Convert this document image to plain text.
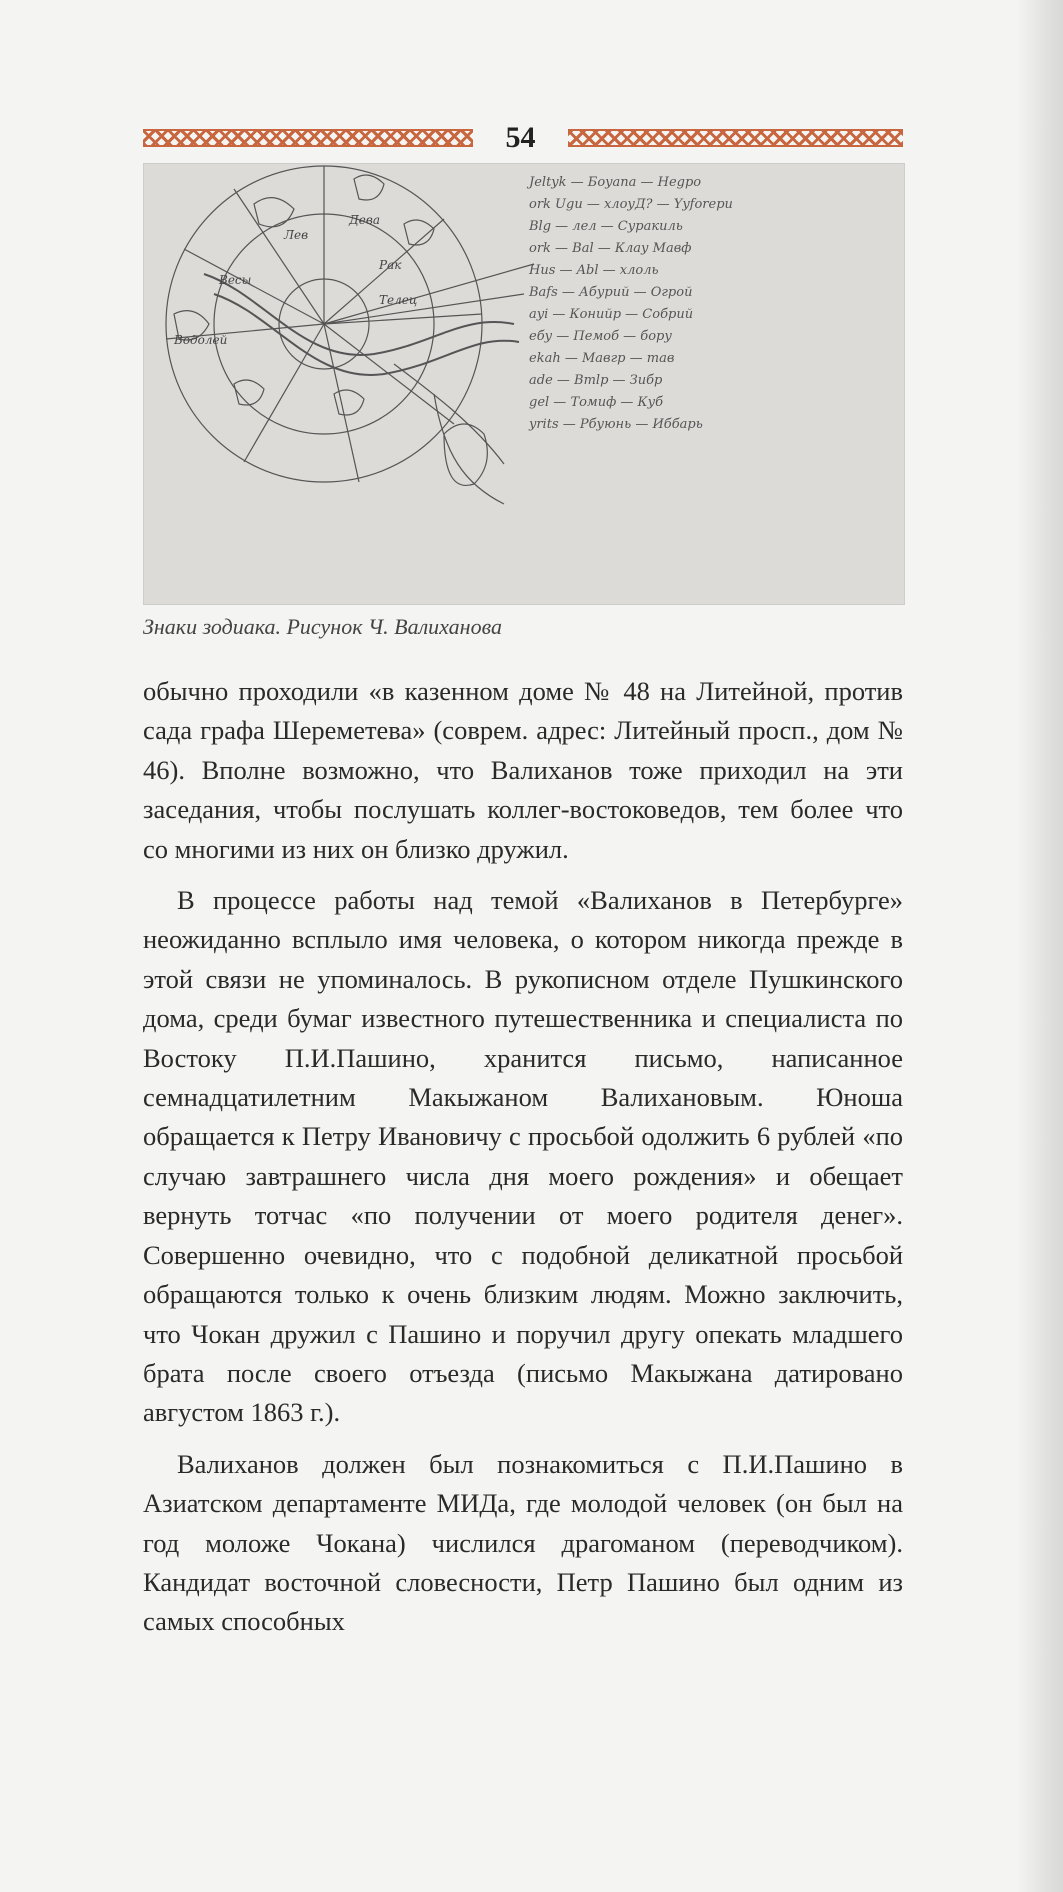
54
Дева
Рак
Телец
Водолей
Весы
Лев
Jeltyk — Боyana — Hegpo
ork Ugu — хлоуД? — Yyforepu
Blg — лел — Суракиль
ork — Bal — Клау Мавф
Hus — Abl — хлоль
Bafs — Абурий — Огрой
ayi — Конийр — Собрий
ебу — Пемоб — бору
ekah — Мавгр — тав
ade — Bmlp — Зибр
gel — Томиф — Куб
yrits — Рбуюнь — Иббарь
Знаки зодиака. Рисунок Ч. Валиханова

обычно проходили «в казенном доме № 48 на Литейной, против сада графа Шереметева» (соврем. адрес: Литейный просп., дом № 46). Вполне возможно, что Валиханов тоже приходил на эти заседания, чтобы послушать коллег-востоковедов, тем более что со многими из них он близко дружил.

В процессе работы над темой «Валиханов в Петербурге» неожиданно всплыло имя человека, о котором никогда прежде в этой связи не упоминалось. В рукописном отделе Пушкинского дома, среди бумаг известного путешественника и специалиста по Востоку П.И.Пашино, хранится письмо, написанное семнадцатилетним Макыжаном Валихановым. Юноша обращается к Петру Ивановичу с просьбой одолжить 6 рублей «по случаю завтрашнего числа дня моего рождения» и обещает вернуть тотчас «по получении от моего родителя денег». Совершенно очевидно, что с подобной деликатной просьбой обращаются только к очень близким людям. Можно заключить, что Чокан дружил с Пашино и поручил другу опекать младшего брата после своего отъезда (письмо Макыжана датировано августом 1863 г.).

Валиханов должен был познакомиться с П.И.Пашино в Азиатском департаменте МИДа, где молодой человек (он был на год моложе Чокана) числился драгоманом (переводчиком). Кандидат восточной словесности, Петр Пашино был одним из самых способных
